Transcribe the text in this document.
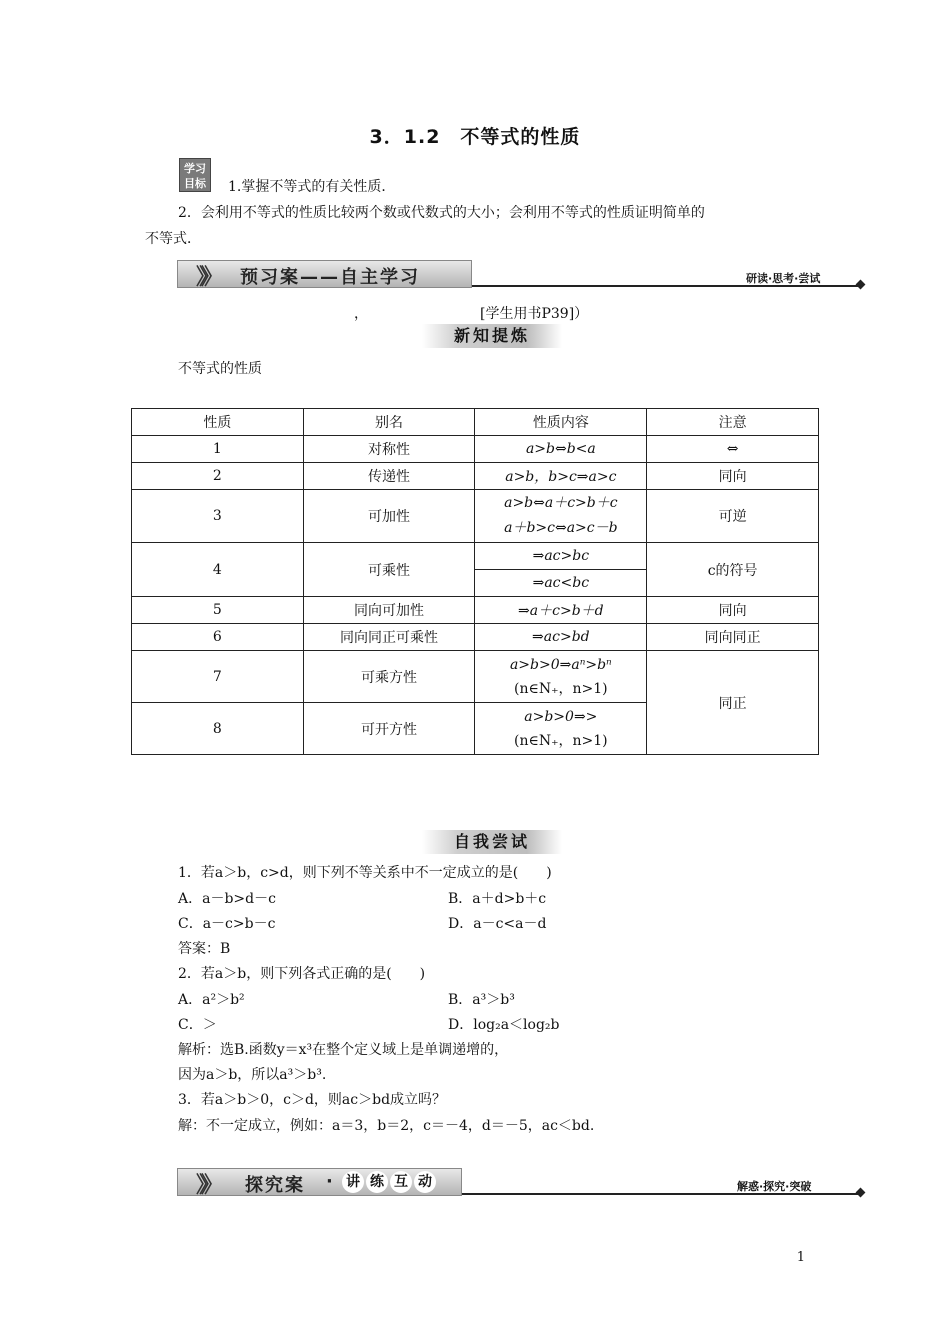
3．1.2　不等式的性质
学习
目标 1.掌握不等式的有关性质．
2．会利用不等式的性质比较两个数或代数式的大小；会利用不等式的性质证明简单的
不等式．
》》 预习案——自主学习	研读·思考·尝试
，	[学生用书P39]）
新知提炼
不等式的性质
性质	别名	性质内容	注意
1	对称性	a>b⇔b<a	⇔
2	传递性	a>b，b>c⇒a>c	同向
3	可加性	a>b⇔a＋c>b＋c
a＋b>c⇔a>c－b	可逆
4	可乘性	⇒ac>bc	c的符号
		⇒ac<bc	
5	同向可加性	⇒a＋c>b＋d	同向
6	同向同正可乘性	⇒ac>bd	同向同正
7	可乘方性	a>b>0⇒aⁿ>bⁿ
(n∈N₊，n>1)	同正
8	可开方性	a>b>0⇒>
(n∈N₊，n>1)	
自我尝试
1．若a＞b，c>d，则下列不等关系中不一定成立的是(　　)
A．a－b>d－c	B．a＋d>b＋c
C．a－c>b－c	D．a－c<a－d
答案：B
2．若a＞b，则下列各式正确的是(　　)
A．a²＞b²	B．a³＞b³
C．＞	D．log₂a＜log₂b
解析：选B.函数y＝x³在整个定义域上是单调递增的，
因为a＞b，所以a³＞b³.
3．若a＞b＞0，c＞d，则ac＞bd成立吗？
解：不一定成立，例如：a＝3，b＝2，c＝－4，d＝－5，ac＜bd.
》》 探究案 · 讲 练 互 动	解惑·探究·突破
1
